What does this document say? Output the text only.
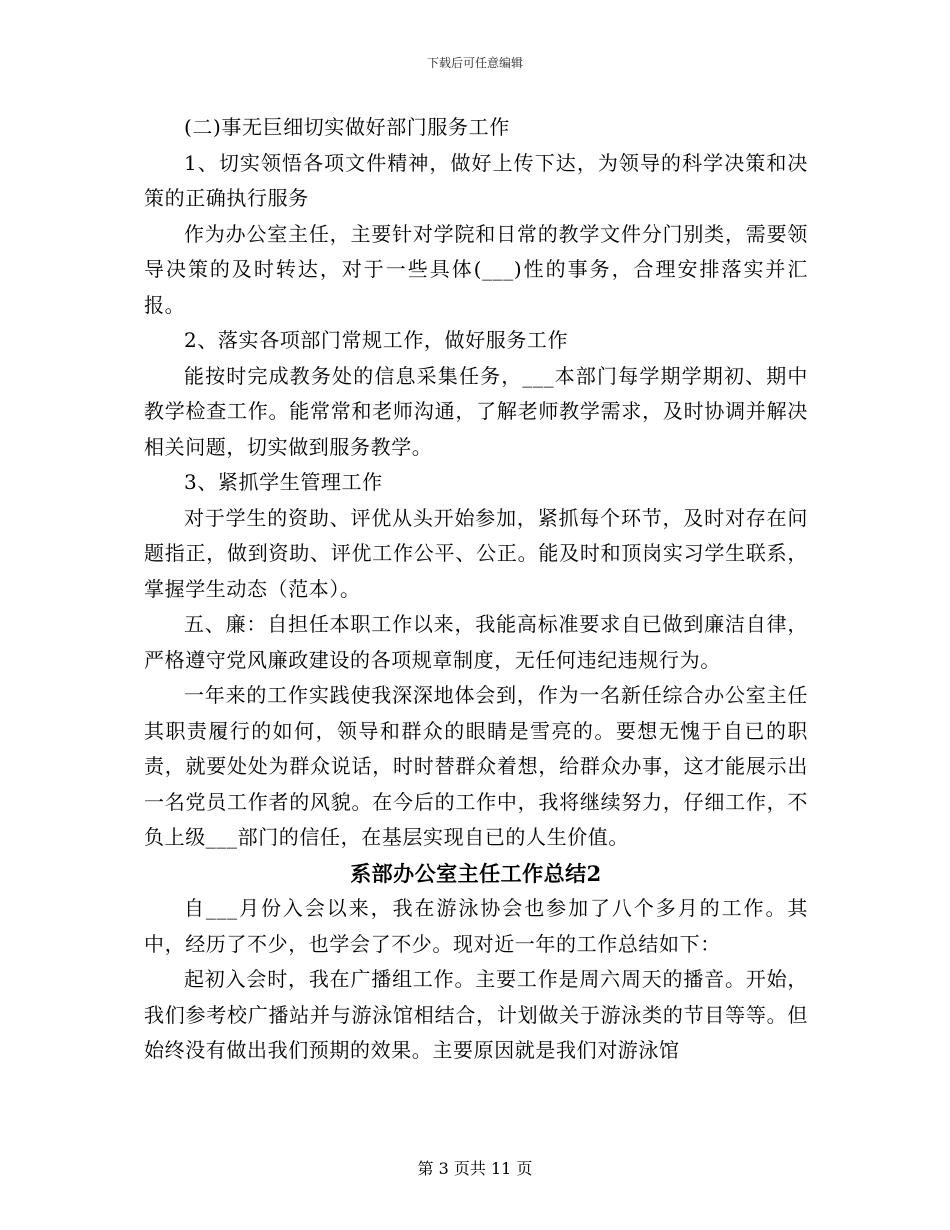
下载后可任意编辑

(二)事无巨细切实做好部门服务工作

1、切实领悟各项文件精神，做好上传下达，为领导的科学决策和决策的正确执行服务

作为办公室主任，主要针对学院和日常的教学文件分门别类，需要领导决策的及时转达，对于一些具体(___)性的事务，合理安排落实并汇报。

2、落实各项部门常规工作，做好服务工作

能按时完成教务处的信息采集任务，___本部门每学期学期初、期中教学检查工作。能常常和老师沟通，了解老师教学需求，及时协调并解决相关问题，切实做到服务教学。

3、紧抓学生管理工作

对于学生的资助、评优从头开始参加，紧抓每个环节，及时对存在问题指正，做到资助、评优工作公平、公正。能及时和顶岗实习学生联系，掌握学生动态（范本）。

五、廉：自担任本职工作以来，我能高标准要求自已做到廉洁自律，严格遵守党风廉政建设的各项规章制度，无任何违纪违规行为。

一年来的工作实践使我深深地体会到，作为一名新任综合办公室主任其职责履行的如何，领导和群众的眼睛是雪亮的。要想无愧于自已的职责，就要处处为群众说话，时时替群众着想，给群众办事，这才能展示出一名党员工作者的风貌。在今后的工作中，我将继续努力，仔细工作，不负上级___部门的信任，在基层实现自已的人生价值。

系部办公室主任工作总结2

自___月份入会以来，我在游泳协会也参加了八个多月的工作。其中，经历了不少，也学会了不少。现对近一年的工作总结如下：

起初入会时，我在广播组工作。主要工作是周六周天的播音。开始，我们参考校广播站并与游泳馆相结合，计划做关于游泳类的节目等等。但始终没有做出我们预期的效果。主要原因就是我们对游泳馆

第 3 页共 11 页
